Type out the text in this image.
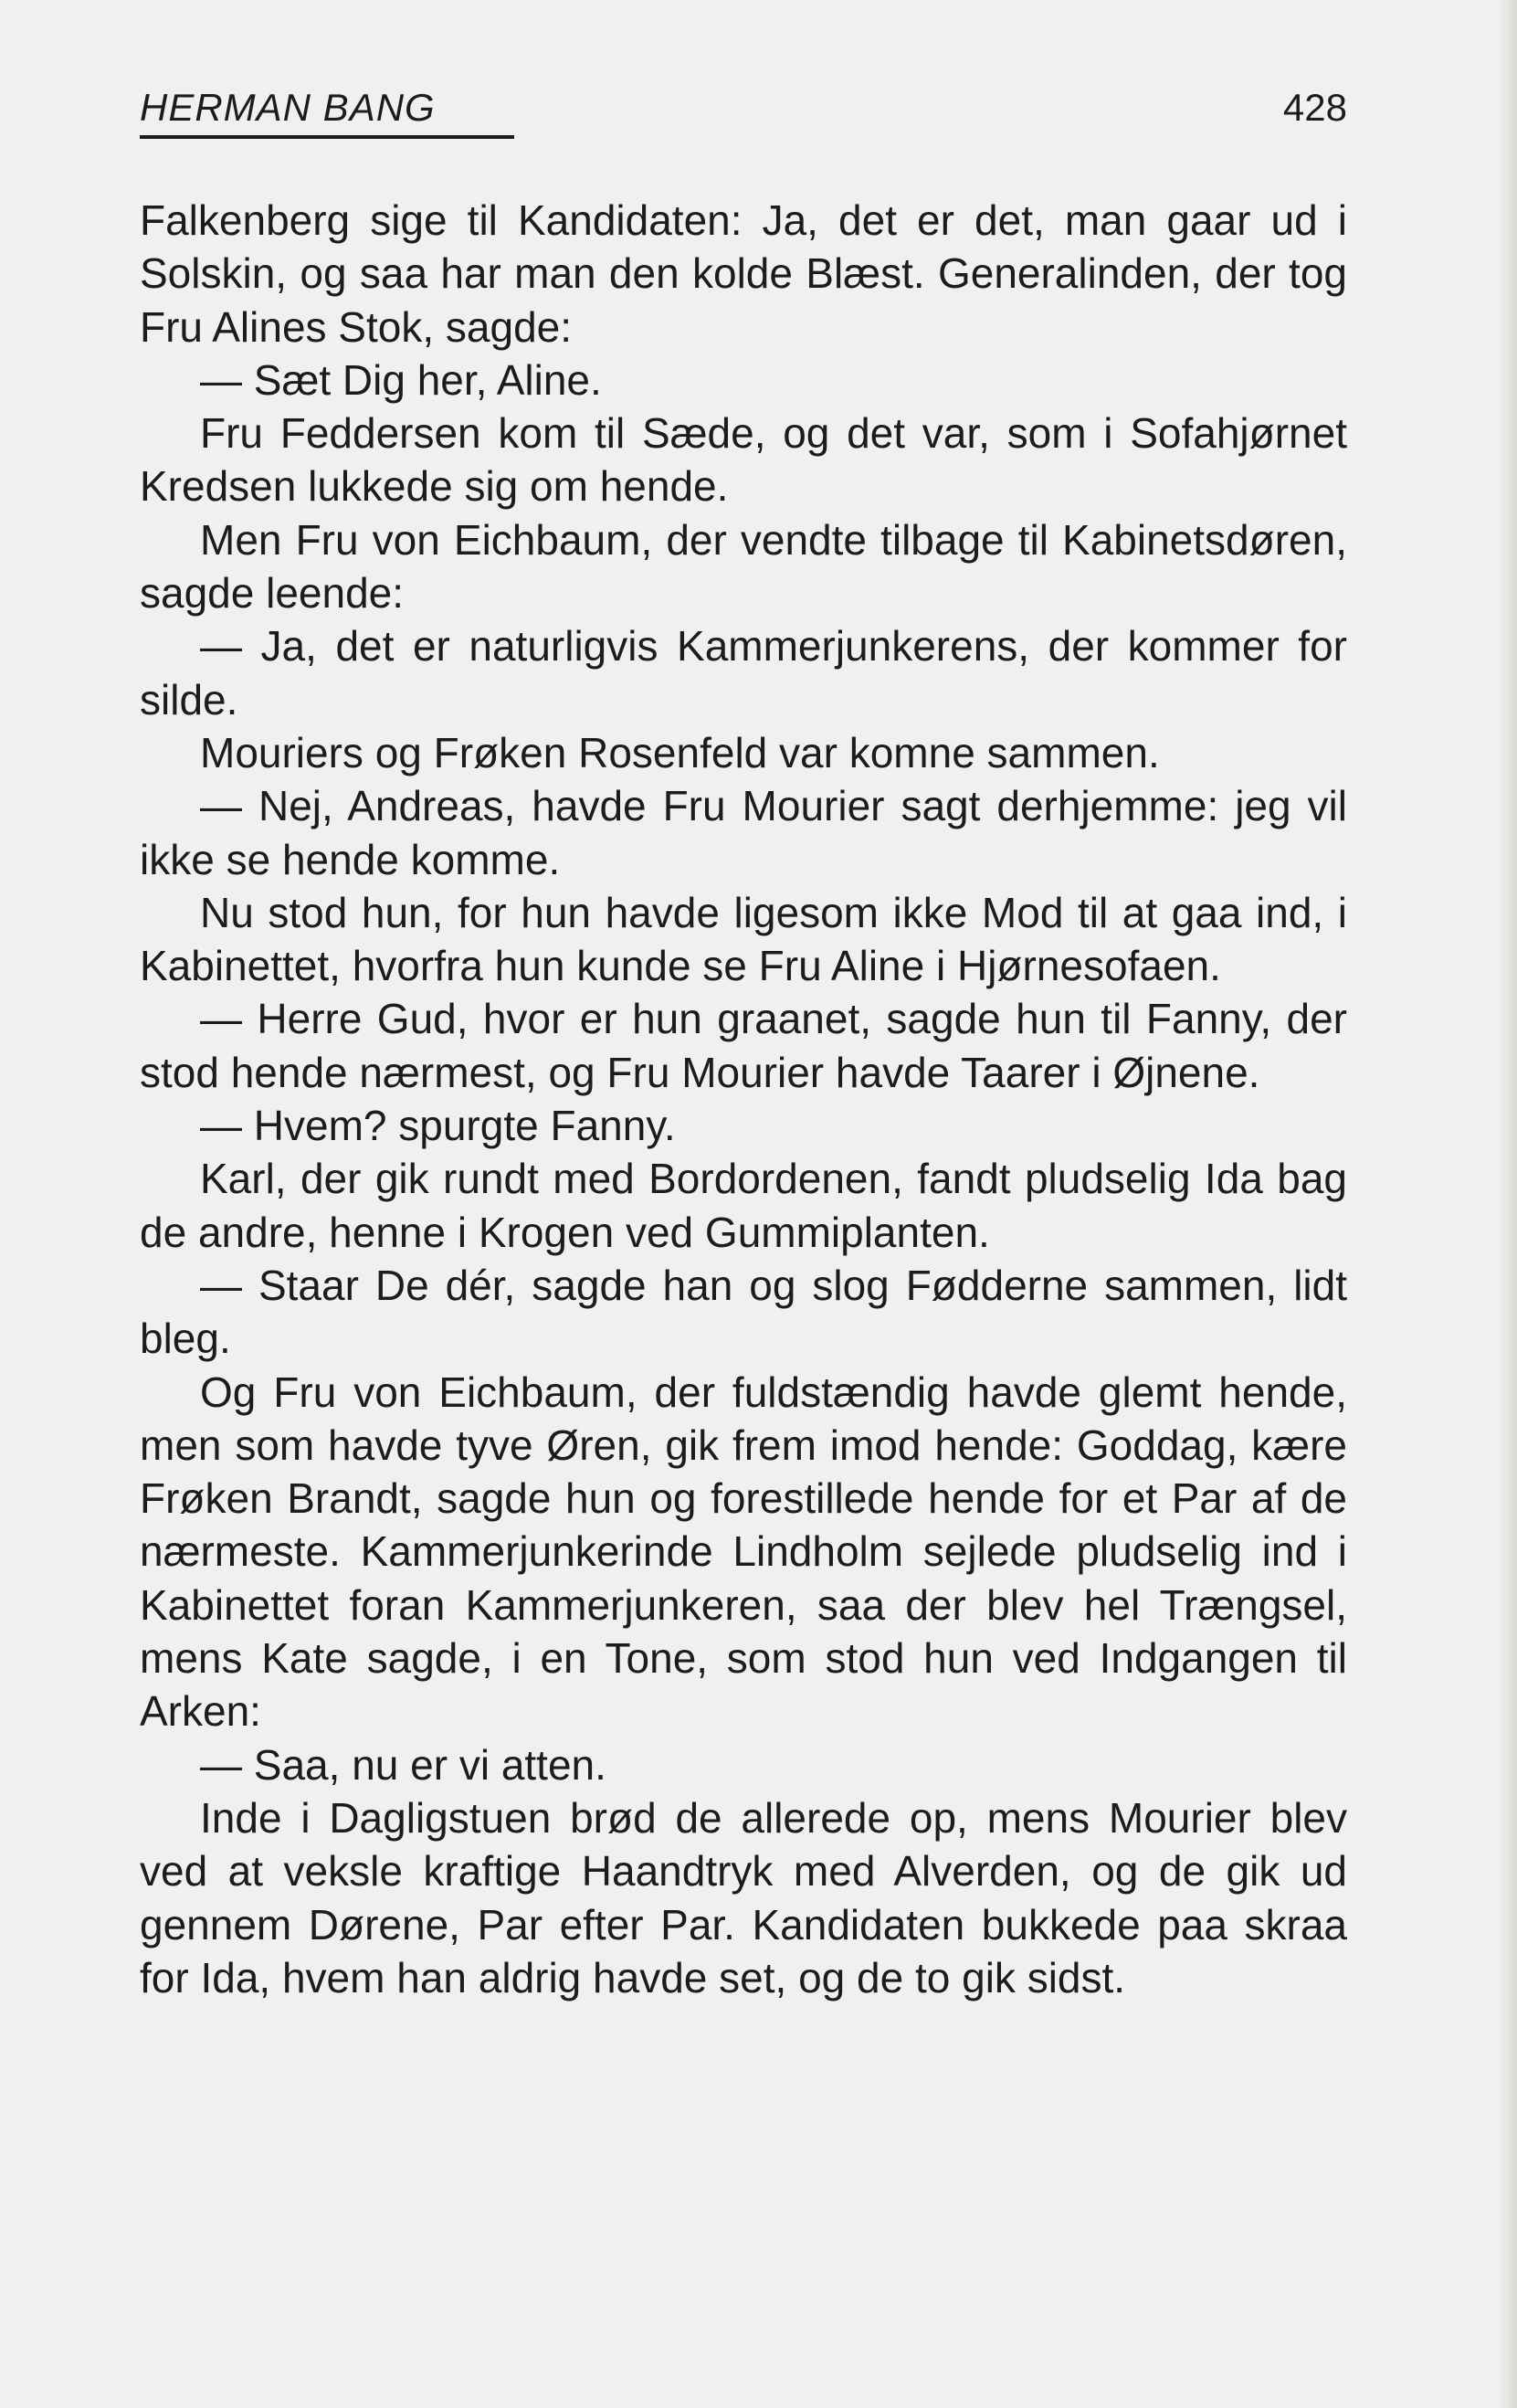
HERMAN BANG	428

Falkenberg sige til Kandidaten: Ja, det er det, man gaar ud i Solskin, og saa har man den kolde Blæst. Generalinden, der tog Fru Alines Stok, sagde:

— Sæt Dig her, Aline.

Fru Feddersen kom til Sæde, og det var, som i Sofahjørnet Kredsen lukkede sig om hende.

Men Fru von Eichbaum, der vendte tilbage til Kabinetsdøren, sagde leende:

— Ja, det er naturligvis Kammerjunkerens, der kommer for silde.

Mouriers og Frøken Rosenfeld var komne sammen.

— Nej, Andreas, havde Fru Mourier sagt derhjemme: jeg vil ikke se hende komme.

Nu stod hun, for hun havde ligesom ikke Mod til at gaa ind, i Kabinettet, hvorfra hun kunde se Fru Aline i Hjørnesofaen.

— Herre Gud, hvor er hun graanet, sagde hun til Fanny, der stod hende nærmest, og Fru Mourier havde Taarer i Øjnene.

— Hvem? spurgte Fanny.

Karl, der gik rundt med Bordordenen, fandt pludselig Ida bag de andre, henne i Krogen ved Gummiplanten.

— Staar De dér, sagde han og slog Fødderne sammen, lidt bleg.

Og Fru von Eichbaum, der fuldstændig havde glemt hende, men som havde tyve Øren, gik frem imod hende: Goddag, kære Frøken Brandt, sagde hun og forestillede hende for et Par af de nærmeste. Kammerjunkerinde Lindholm sejlede pludselig ind i Kabinettet foran Kammerjunkeren, saa der blev hel Trængsel, mens Kate sagde, i en Tone, som stod hun ved Indgangen til Arken:

— Saa, nu er vi atten.

Inde i Dagligstuen brød de allerede op, mens Mourier blev ved at veksle kraftige Haandtryk med Alverden, og de gik ud gennem Dørene, Par efter Par. Kandidaten bukkede paa skraa for Ida, hvem han aldrig havde set, og de to gik sidst.
